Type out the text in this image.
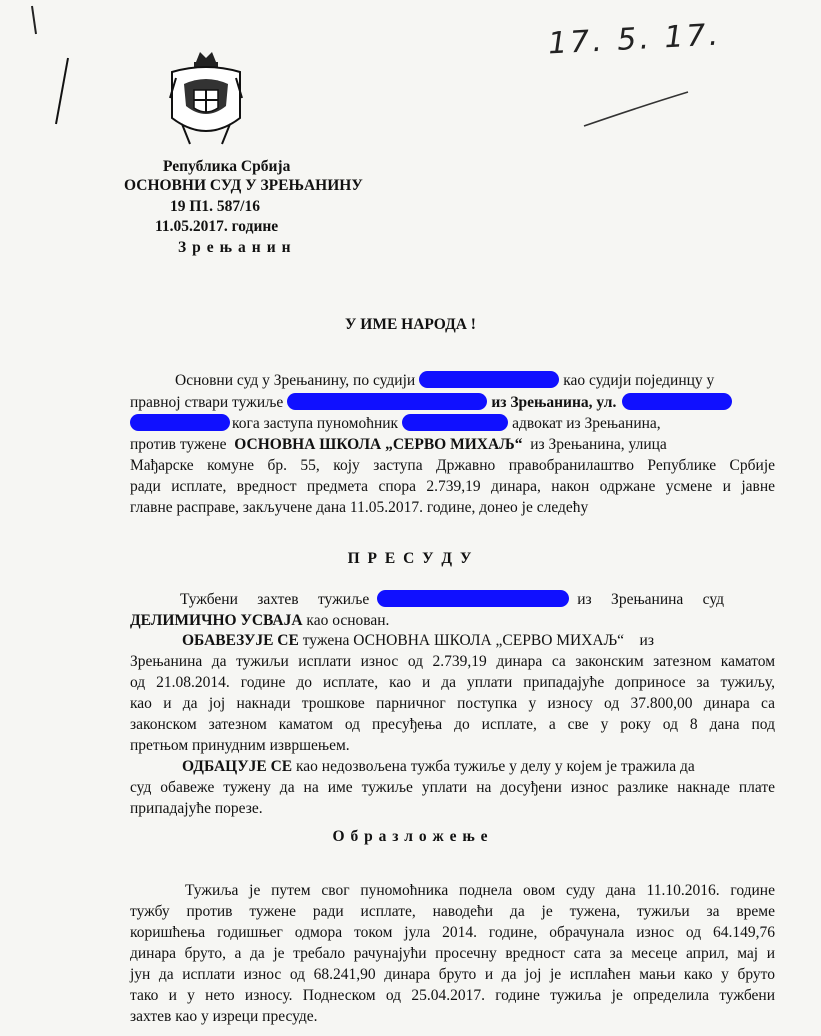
17. 5. 17.
Република Србија
ОСНОВНИ СУД У ЗРЕЊАНИНУ
19 П1. 587/16
11.05.2017. године
Зрењанин
У ИМЕ НАРОДА !
Основни суд у Зрењанину, по судији	као судији појединцу у
правној ствари тужиље	из Зрењанина, ул.
кога заступа пуномоћник	адвокат из Зрењанина,
против тужене ОСНОВНА ШКОЛА „СЕРВО МИХАЉ“ из Зрењанина, улица
Мађарске комуне бр. 55, коју заступа Државно правобранилаштво Републике Србије
ради исплате, вредност предмета спора 2.739,19 динара, након одржане усмене и јавне
главне расправе, закључене дана 11.05.2017. године, донео је следећу
П Р Е С У Д У
Тужбени     захтев     тужиље	из     Зрењанина     суд
ДЕЛИМИЧНО УСВАЈА као основан.
ОБАВЕЗУЈЕ СЕ тужена ОСНОВНА ШКОЛА „СЕРВО МИХАЉ“    из
Зрењанина да тужиљи исплати износ од 2.739,19 динара са законским затезном каматом
од 21.08.2014. године до исплате, као и да уплати припадајуће доприносе за тужиљу,
као и да јој накнади трошкове парничног поступка у износу од 37.800,00 динара са
законском затезном каматом од пресуђења до исплате, а све у року од 8 дана под
претњом принудним извршењем.
ОДБАЦУЈЕ СЕ као недозвољена тужба тужиље у делу у којем је тражила да
суд обавеже тужену да на име тужиље уплати на досуђени износ разлике накнаде плате
припадајуће порезе.
О б р а з л о ж е њ е
Тужиља је путем свог пуномоћника поднела овом суду дана 11.10.2016. године
тужбу против тужене ради исплате, наводећи да је тужена, тужиљи за време
коришћења годишњег одмора током јула 2014. године, обрачунала износ од 64.149,76
динара бруто, а да је требало рачунајући просечну вредност сата за месеце април, мај и
јун да исплати износ од 68.241,90 динара бруто и да јој је исплаћен мањи како у бруто
тако и у нето износу. Поднеском од 25.04.2017. године тужиља је определила тужбени
захтев као у изреци пресуде.
